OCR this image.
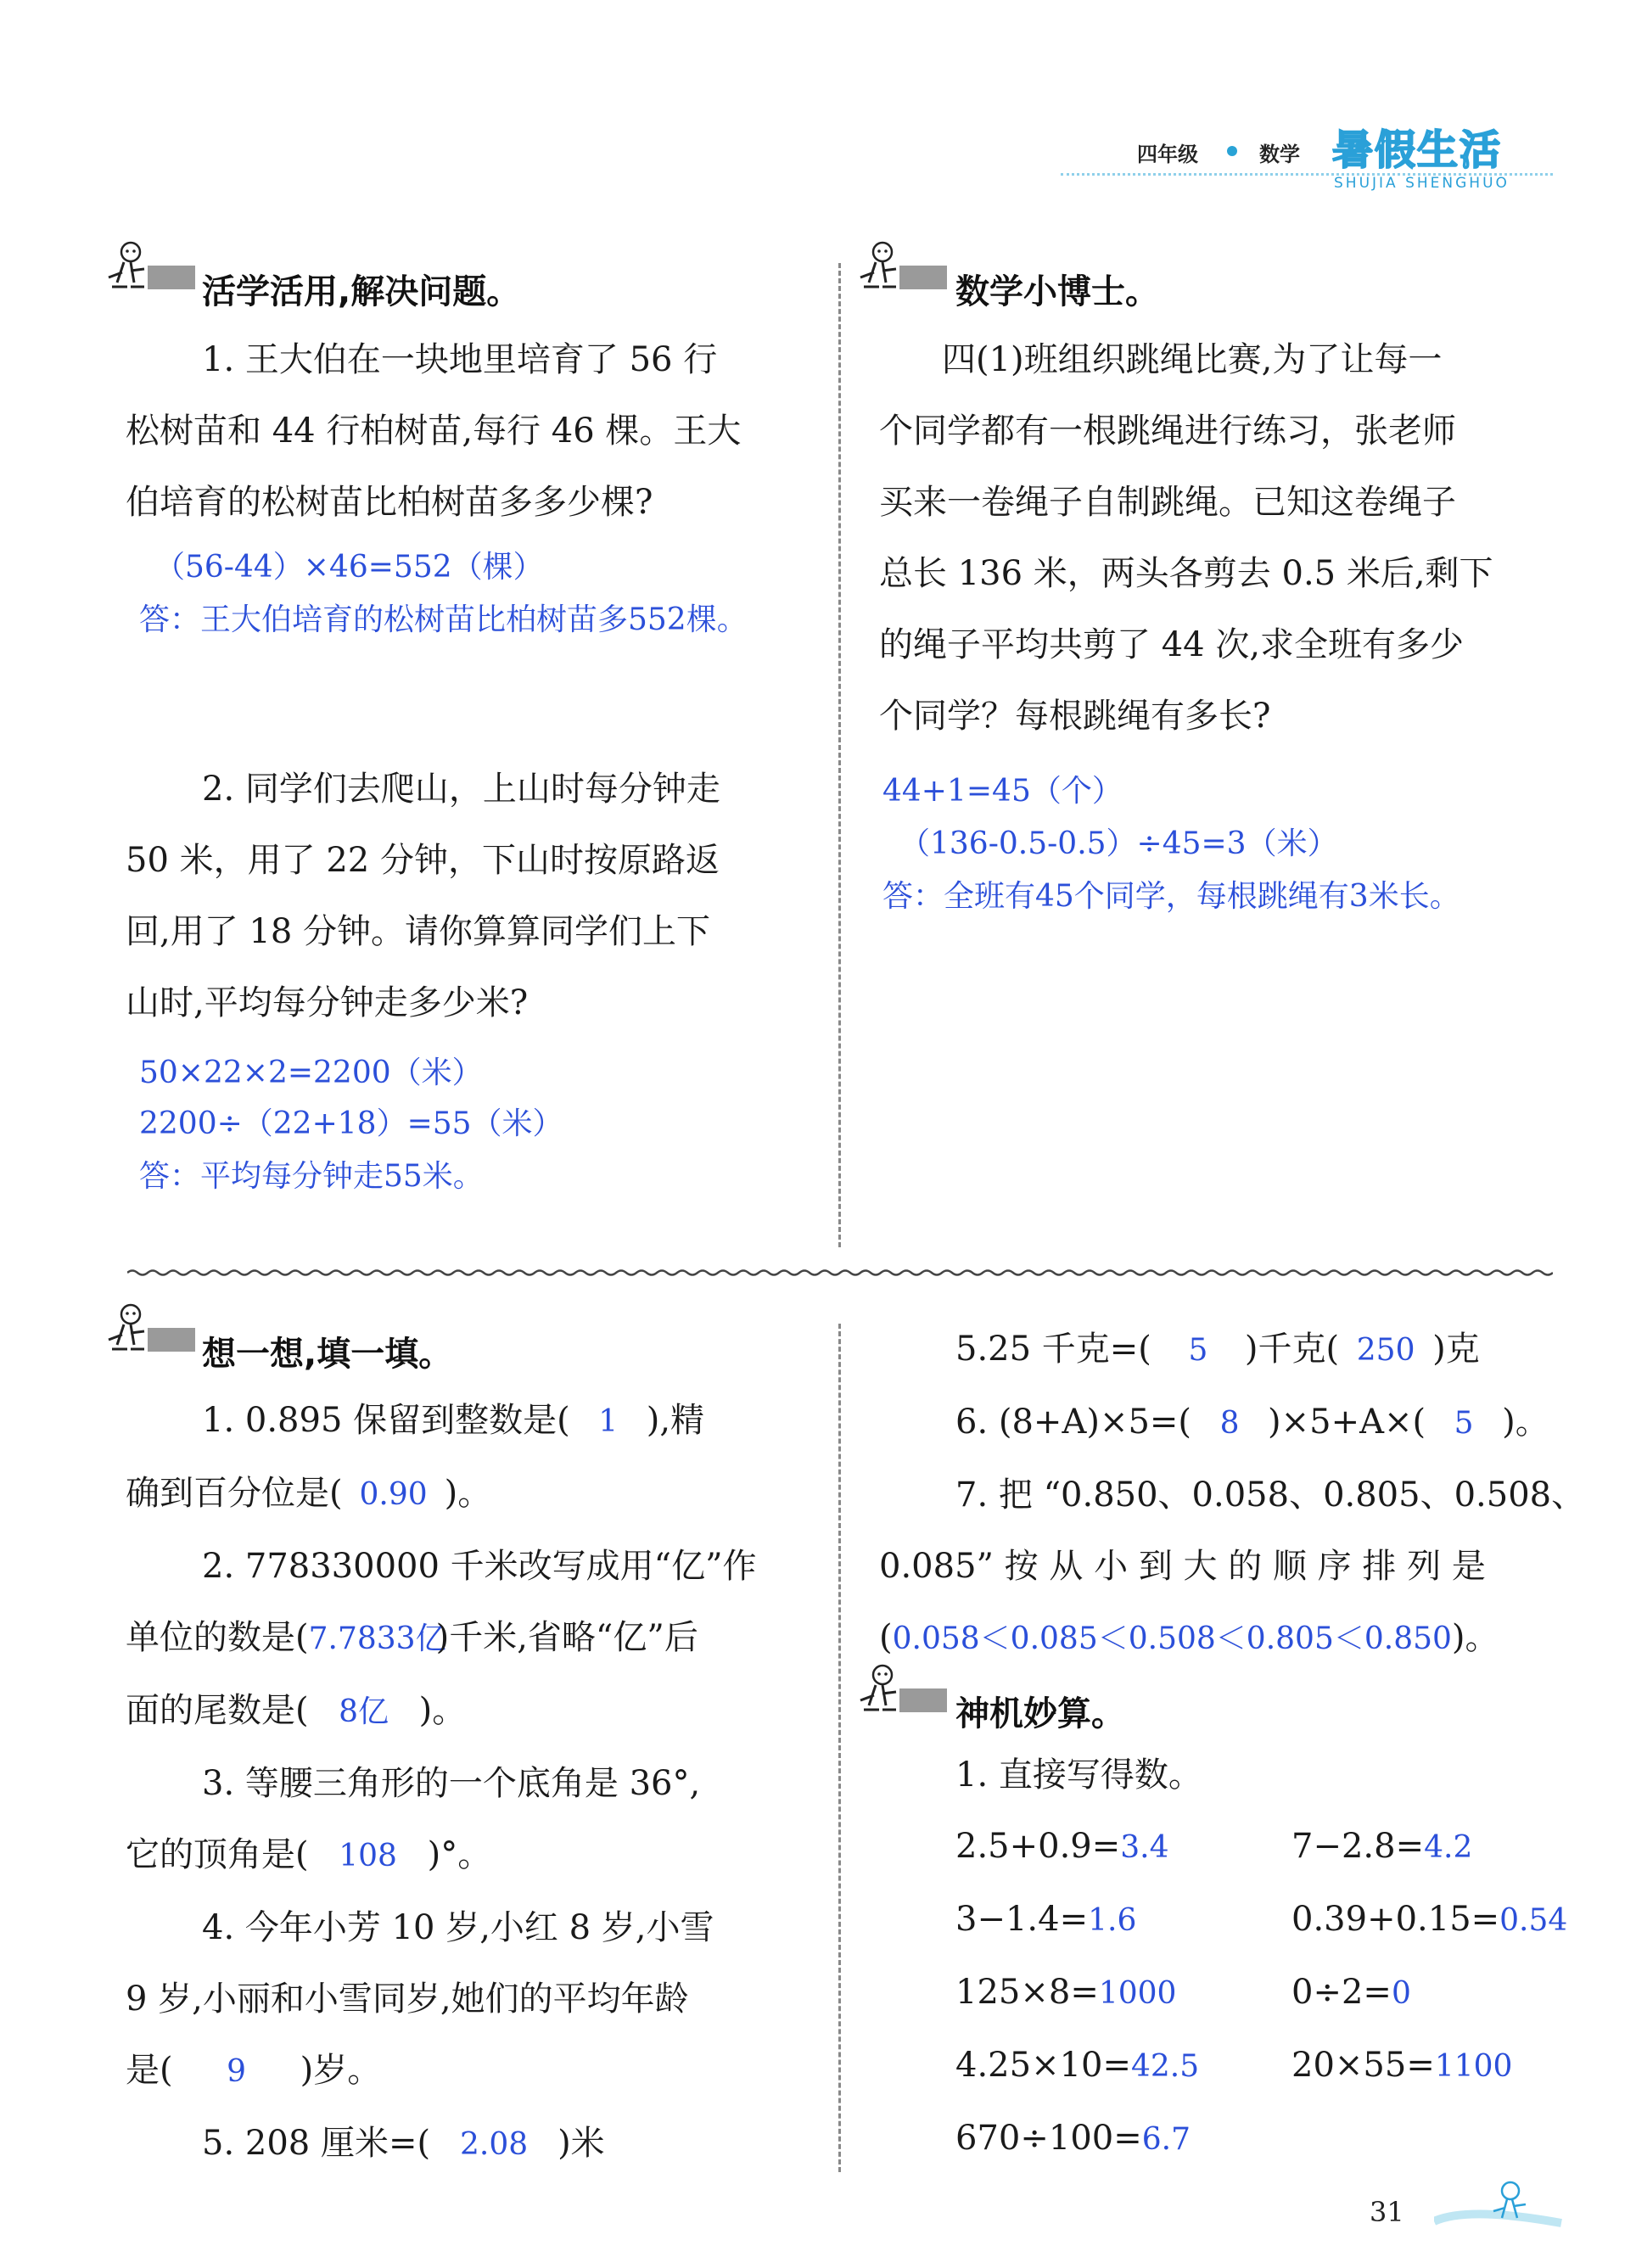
四年级	数学 暑假生活
SHUJIA SHENGHUO
活学活用,解决问题。
1. 王大伯在一块地里培育了 56 行
松树苗和 44 行柏树苗,每行 46 棵。王大
伯培育的松树苗比柏树苗多多少棵?
（56-44）×46=552（棵）
答：王大伯培育的松树苗比柏树苗多552棵。
2. 同学们去爬山，上山时每分钟走
50 米，用了 22 分钟，下山时按原路返
回,用了 18 分钟。请你算算同学们上下
山时,平均每分钟走多少米?
50×22×2=2200（米）
2200÷（22+18）=55（米）
答：平均每分钟走55米。
数学小博士。
四(1)班组织跳绳比赛,为了让每一
个同学都有一根跳绳进行练习，张老师
买来一卷绳子自制跳绳。已知这卷绳子
总长 136 米，两头各剪去 0.5 米后,剩下
的绳子平均共剪了 44 次,求全班有多少
个同学？每根跳绳有多长?
44+1=45（个）
（136-0.5-0.5）÷45=3（米）
答：全班有45个同学，每根跳绳有3米长。
想一想,填一填。
1. 0.895 保留到整数是( 1 ),精
确到百分位是( 0.90 )。
2. 778330000 千米改写成用“亿”作
单位的数是(7.7833亿)千米,省略“亿”后
面的尾数是( 8亿 )。
3. 等腰三角形的一个底角是 36°,
它的顶角是( 108 )°。
4. 今年小芳 10 岁,小红 8 岁,小雪
9 岁,小丽和小雪同岁,她们的平均年龄
是( 9 )岁。
5. 208 厘米=( 2.08 )米
5.25 千克=( 5 )千克( 250 )克
6. (8+A)×5=( 8 )×5+A×( 5 )。
7. 把 “0.850、0.058、0.805、0.508、
0.085” 按 从 小 到 大 的 顺 序 排 列 是
(0.058＜0.085＜0.508＜0.805＜0.850)。
神机妙算。
1. 直接写得数。
2.5+0.9=3.4	7−2.8=4.2
3−1.4=1.6	0.39+0.15=0.54
125×8=1000	0÷2=0
4.25×10=42.5	20×55=1100
670÷100=6.7
31
